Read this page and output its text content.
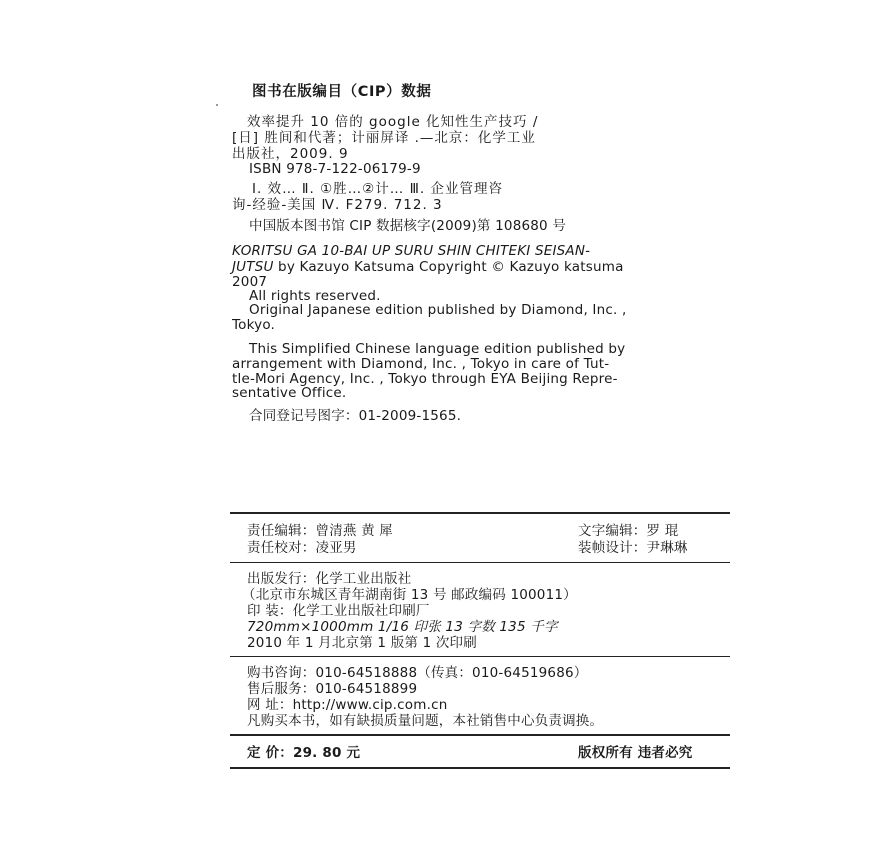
图书在版编目（CIP）数据
效率提升 10 倍的 google 化知性生产技巧 /
[日] 胜间和代著；计丽屏译 .—北京：化学工业
出版社，2009. 9
ISBN 978-7-122-06179-9
Ⅰ. 效… Ⅱ. ①胜…②计… Ⅲ. 企业管理咨
询-经验-美国 Ⅳ. F279. 712. 3
中国版本图书馆 CIP 数据核字(2009)第 108680 号
KORITSU GA 10-BAI UP SURU SHIN CHITEKI SEISAN-
JUTSU by Kazuyo Katsuma Copyright © Kazuyo katsuma
2007
All rights reserved.
Original Japanese edition published by Diamond, Inc. ,
Tokyo.
This Simplified Chinese language edition published by
arrangement with Diamond, Inc. , Tokyo in care of Tut-
tle-Mori Agency, Inc. , Tokyo through EYA Beijing Repre-
sentative Office.
合同登记号图字：01-2009-1565.
责任编辑：曾清燕 黄 犀	文字编辑：罗 琨
责任校对：凌亚男	装帧设计：尹琳琳
出版发行：化学工业出版社
（北京市东城区青年湖南街 13 号 邮政编码 100011）
印 装：化学工业出版社印刷厂
720mm×1000mm 1/16 印张 13 字数 135 千字
2010 年 1 月北京第 1 版第 1 次印刷
购书咨询：010-64518888（传真：010-64519686）
售后服务：010-64518899
网 址：http://www.cip.com.cn
凡购买本书，如有缺损质量问题，本社销售中心负责调换。
定 价：29. 80 元	版权所有 违者必究
